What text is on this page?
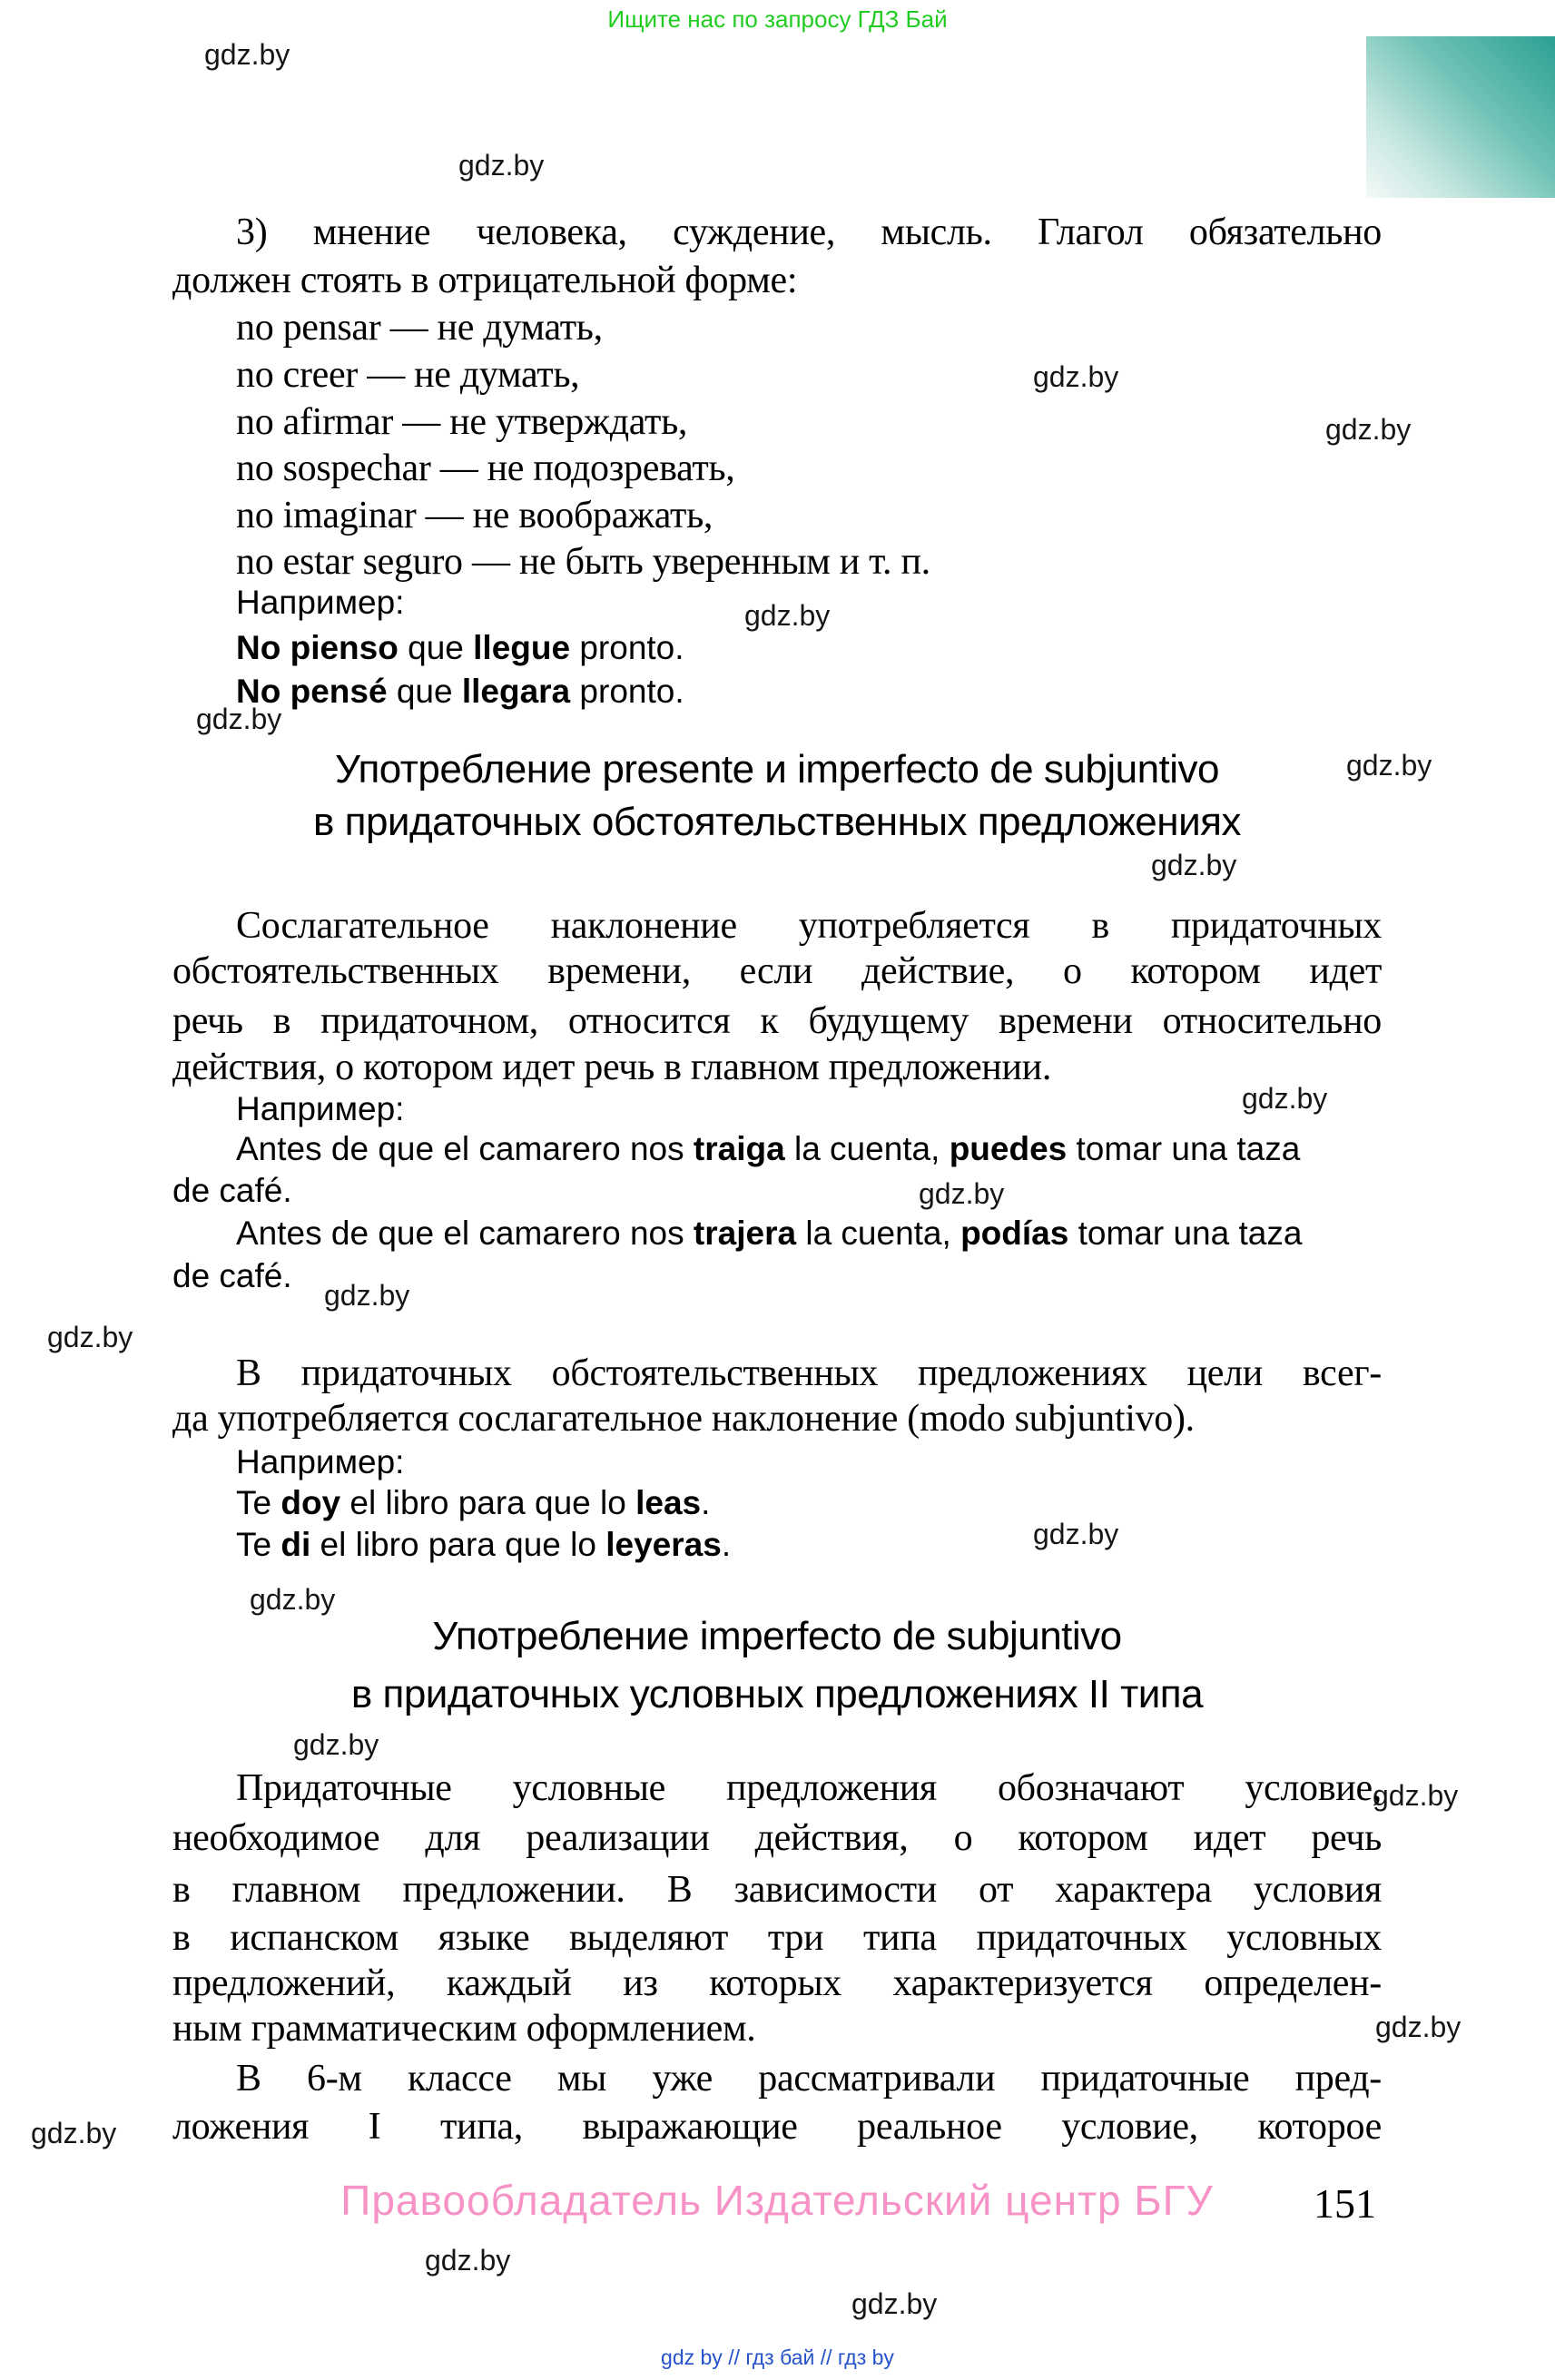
Ищите нас по запросу ГДЗ Бай
gdz.by
gdz.by
gdz.by
gdz.by
gdz.by
gdz.by
gdz.by
gdz.by
gdz.by
gdz.by
gdz.by
gdz.by
gdz.by
gdz.by
gdz.by
gdz.by
gdz.by
gdz.by
gdz.by
gdz.by
3) мнение человека, суждение, мысль. Глагол обязательно
должен стоять в отрицательной форме:
no pensar — не думать,
no creer — не думать,
no afirmar — не утверждать,
no sospechar — не подозревать,
no imaginar — не воображать,
no estar seguro — не быть уверенным и т. п.
Например:
No pienso que llegue pronto.
No pensé que llegara pronto.
Употребление presente и imperfecto de subjuntivo
в придаточных обстоятельственных предложениях
Сослагательное наклонение употребляется в придаточных
обстоятельственных времени, если действие, о котором идет
речь в придаточном, относится к будущему времени относительно
действия, о котором идет речь в главном предложении.
Например:
Antes de que el camarero nos traiga la cuenta, puedes tomar una taza
de café.
Antes de que el camarero nos trajera la cuenta, podías tomar una taza
de café.
В придаточных обстоятельственных предложениях цели всег-
да употребляется сослагательное наклонение (modo subjuntivo).
Например:
Te doy el libro para que lo leas.
Te di el libro para que lo leyeras.
Употребление imperfecto de subjuntivo
в придаточных условных предложениях II типа
Придаточные условные предложения обозначают условие,
необходимое для реализации действия, о котором идет речь
в главном предложении. В зависимости от характера условия
в испанском языке выделяют три типа придаточных условных
предложений, каждый из которых характеризуется определен-
ным грамматическим оформлением.
В 6-м классе мы уже рассматривали придаточные пред-
ложения I типа, выражающие реальное условие, которое
Правообладатель Издательский центр БГУ	151
gdz by // гдз бай // гдз by
